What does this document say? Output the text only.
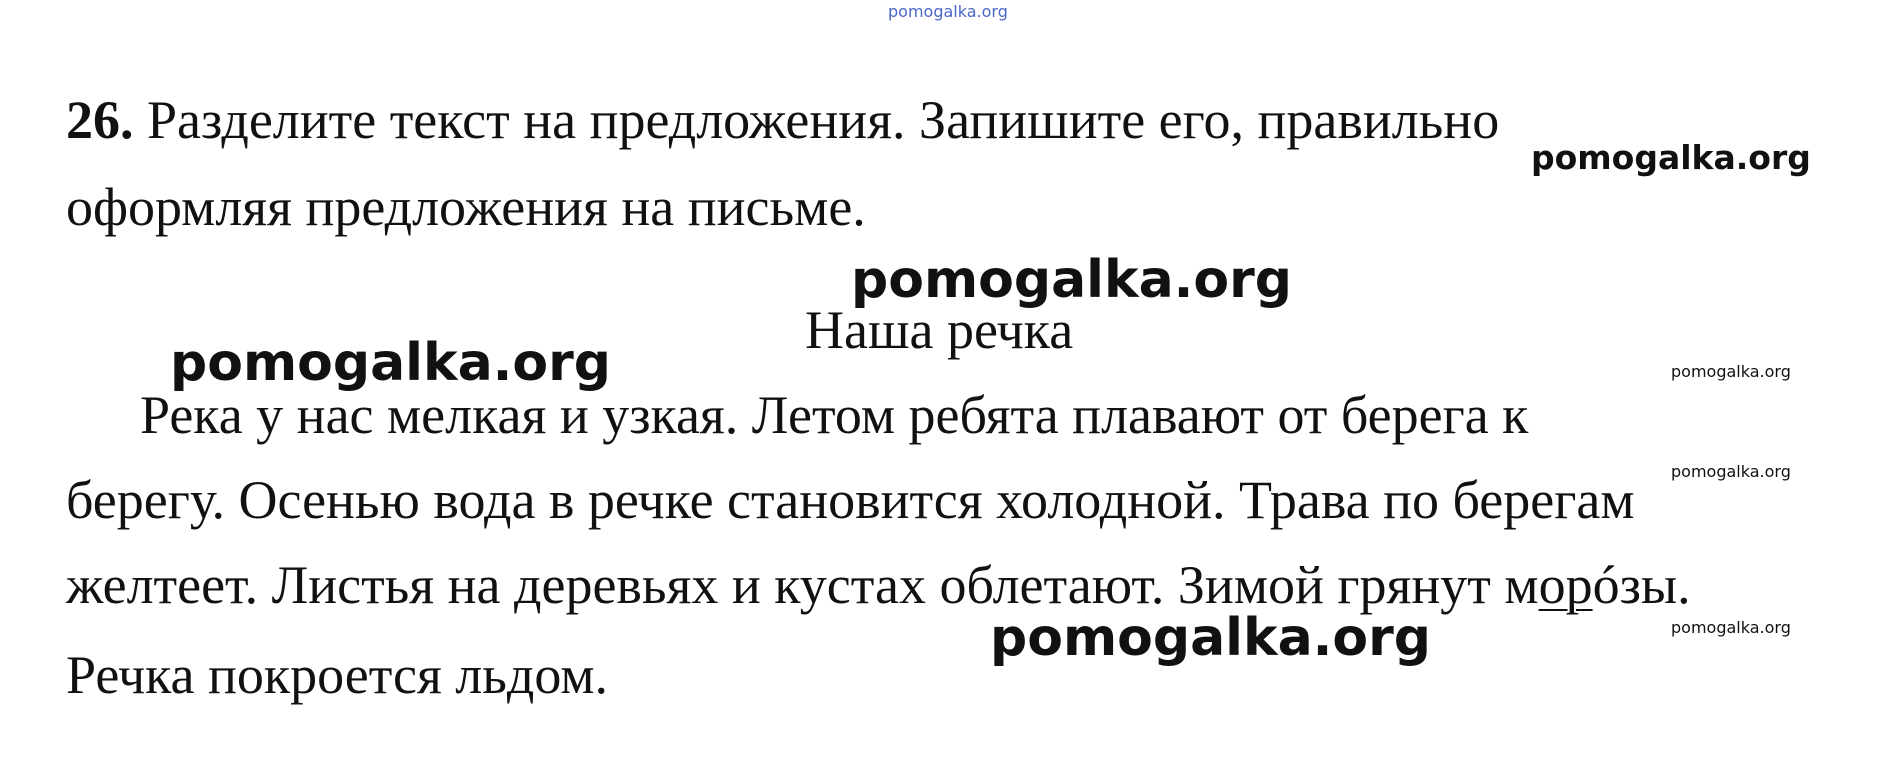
pomogalka.org
pomogalka.org
pomogalka.org
pomogalka.org	pomogalka.org
pomogalka.org
pomogalka.org
pomogalka.org
26. Разделите текст на предложения. Запишите его, правильно
оформляя предложения на письме.
Наша речка
Река у нас мелкая и узкая. Летом ребята плавают от берега к
берегу. Осенью вода в речке становится холодной. Трава по берегам
желтеет. Листья на деревьях и кустах облетают. Зимой грянут морóзы.
Речка покроется льдом.
